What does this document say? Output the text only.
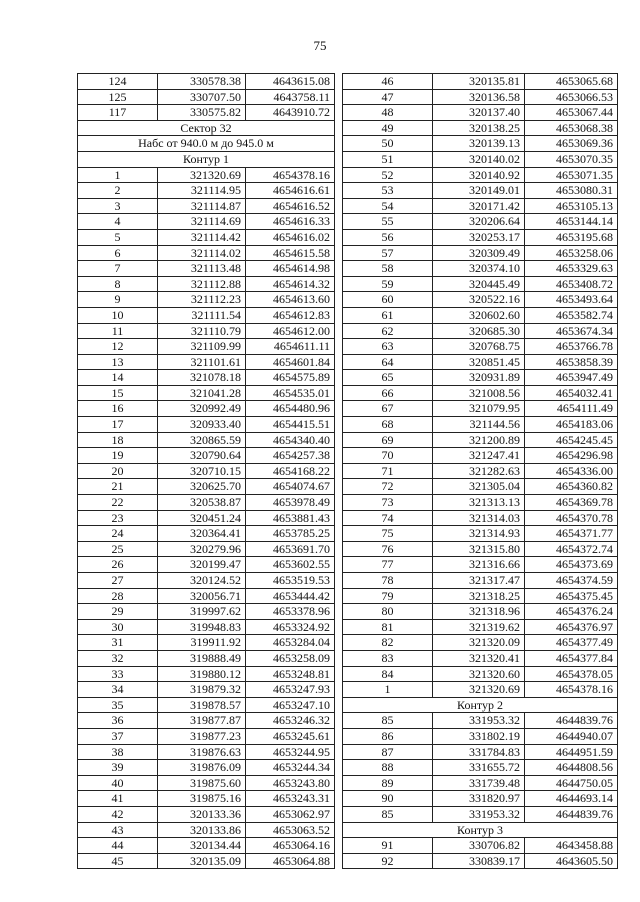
75
124	330578.38	4643615.08
125	330707.50	4643758.11
117	330575.82	4643910.72
Сектор 32		
Набс от 940.0 м до 945.0 м		
Контур 1		
1	321320.69	4654378.16
2	321114.95	4654616.61
3	321114.87	4654616.52
4	321114.69	4654616.33
5	321114.42	4654616.02
6	321114.02	4654615.58
7	321113.48	4654614.98
8	321112.88	4654614.32
9	321112.23	4654613.60
10	321111.54	4654612.83
11	321110.79	4654612.00
12	321109.99	4654611.11
13	321101.61	4654601.84
14	321078.18	4654575.89
15	321041.28	4654535.01
16	320992.49	4654480.96
17	320933.40	4654415.51
18	320865.59	4654340.40
19	320790.64	4654257.38
20	320710.15	4654168.22
21	320625.70	4654074.67
22	320538.87	4653978.49
23	320451.24	4653881.43
24	320364.41	4653785.25
25	320279.96	4653691.70
26	320199.47	4653602.55
27	320124.52	4653519.53
28	320056.71	4653444.42
29	319997.62	4653378.96
30	319948.83	4653324.92
31	319911.92	4653284.04
32	319888.49	4653258.09
33	319880.12	4653248.81
34	319879.32	4653247.93
35	319878.57	4653247.10
36	319877.87	4653246.32
37	319877.23	4653245.61
38	319876.63	4653244.95
39	319876.09	4653244.34
40	319875.60	4653243.80
41	319875.16	4653243.31
42	320133.36	4653062.97
43	320133.86	4653063.52
44	320134.44	4653064.16
45	320135.09	4653064.88
46	320135.81	4653065.68
47	320136.58	4653066.53
48	320137.40	4653067.44
49	320138.25	4653068.38
50	320139.13	4653069.36
51	320140.02	4653070.35
52	320140.92	4653071.35
53	320149.01	4653080.31
54	320171.42	4653105.13
55	320206.64	4653144.14
56	320253.17	4653195.68
57	320309.49	4653258.06
58	320374.10	4653329.63
59	320445.49	4653408.72
60	320522.16	4653493.64
61	320602.60	4653582.74
62	320685.30	4653674.34
63	320768.75	4653766.78
64	320851.45	4653858.39
65	320931.89	4653947.49
66	321008.56	4654032.41
67	321079.95	4654111.49
68	321144.56	4654183.06
69	321200.89	4654245.45
70	321247.41	4654296.98
71	321282.63	4654336.00
72	321305.04	4654360.82
73	321313.13	4654369.78
74	321314.03	4654370.78
75	321314.93	4654371.77
76	321315.80	4654372.74
77	321316.66	4654373.69
78	321317.47	4654374.59
79	321318.25	4654375.45
80	321318.96	4654376.24
81	321319.62	4654376.97
82	321320.09	4654377.49
83	321320.41	4654377.84
84	321320.60	4654378.05
1	321320.69	4654378.16
Контур 2		
85	331953.32	4644839.76
86	331802.19	4644940.07
87	331784.83	4644951.59
88	331655.72	4644808.56
89	331739.48	4644750.05
90	331820.97	4644693.14
85	331953.32	4644839.76
Контур 3		
91	330706.82	4643458.88
92	330839.17	4643605.50
